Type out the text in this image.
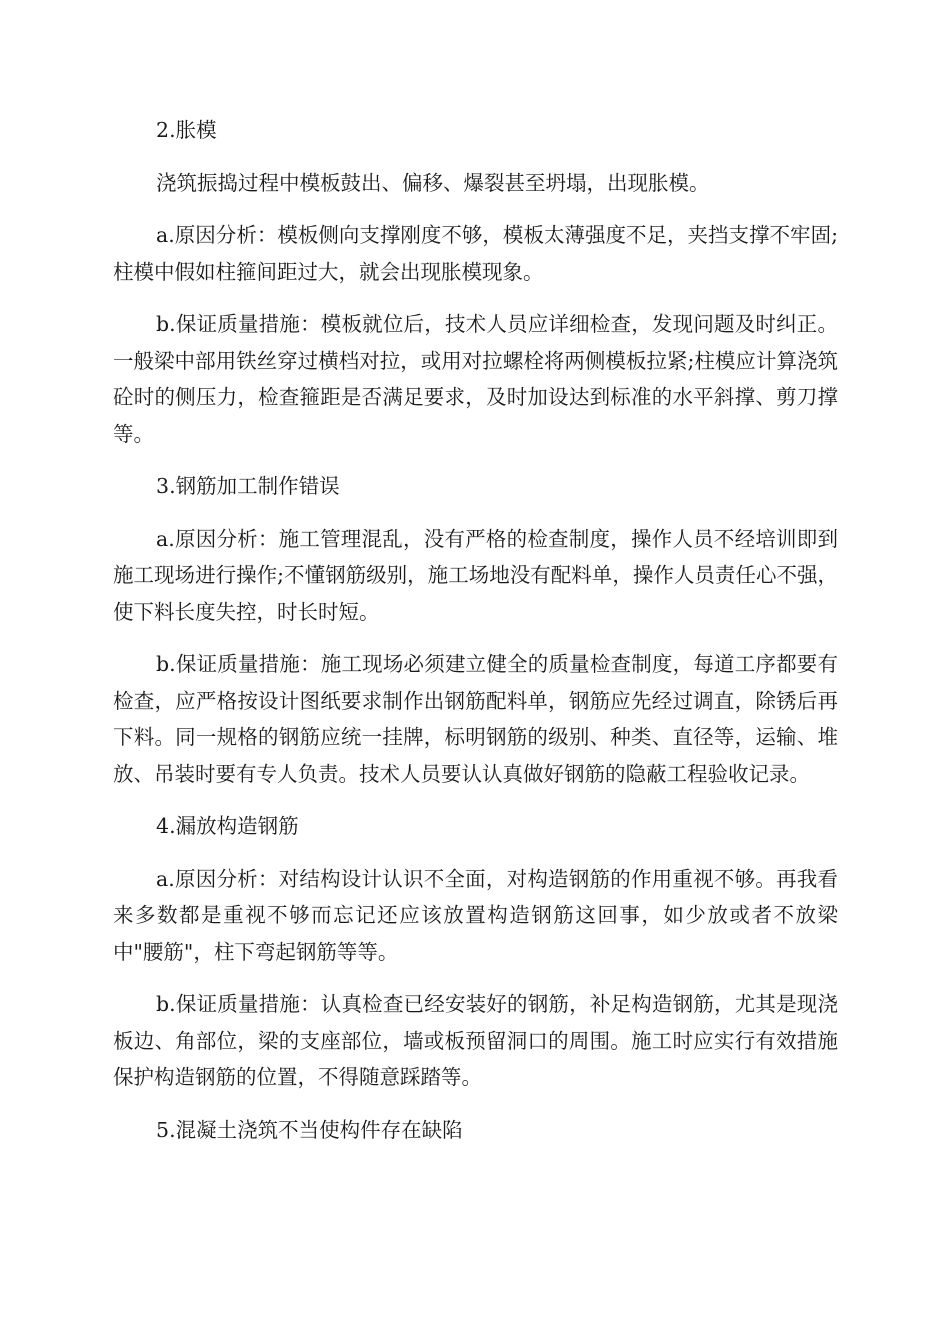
2.胀模

浇筑振捣过程中模板鼓出、偏移、爆裂甚至坍塌，出现胀模。

a.原因分析：模板侧向支撑刚度不够，模板太薄强度不足，夹挡支撑不牢固;柱模中假如柱箍间距过大，就会出现胀模现象。

b.保证质量措施：模板就位后，技术人员应详细检查，发现问题及时纠正。一般梁中部用铁丝穿过横档对拉，或用对拉螺栓将两侧模板拉紧;柱模应计算浇筑砼时的侧压力，检查箍距是否满足要求，及时加设达到标准的水平斜撑、剪刀撑等。

3.钢筋加工制作错误

a.原因分析：施工管理混乱，没有严格的检查制度，操作人员不经培训即到施工现场进行操作;不懂钢筋级别，施工场地没有配料单，操作人员责任心不强，使下料长度失控，时长时短。

b.保证质量措施：施工现场必须建立健全的质量检查制度，每道工序都要有检查，应严格按设计图纸要求制作出钢筋配料单，钢筋应先经过调直，除锈后再下料。同一规格的钢筋应统一挂牌，标明钢筋的级别、种类、直径等，运输、堆放、吊装时要有专人负责。技术人员要认认真做好钢筋的隐蔽工程验收记录。

4.漏放构造钢筋

a.原因分析：对结构设计认识不全面，对构造钢筋的作用重视不够。再我看来多数都是重视不够而忘记还应该放置构造钢筋这回事，如少放或者不放梁中"腰筋"，柱下弯起钢筋等等。

b.保证质量措施：认真检查已经安装好的钢筋，补足构造钢筋，尤其是现浇板边、角部位，梁的支座部位，墙或板预留洞口的周围。施工时应实行有效措施保护构造钢筋的位置，不得随意踩踏等。

5.混凝土浇筑不当使构件存在缺陷
